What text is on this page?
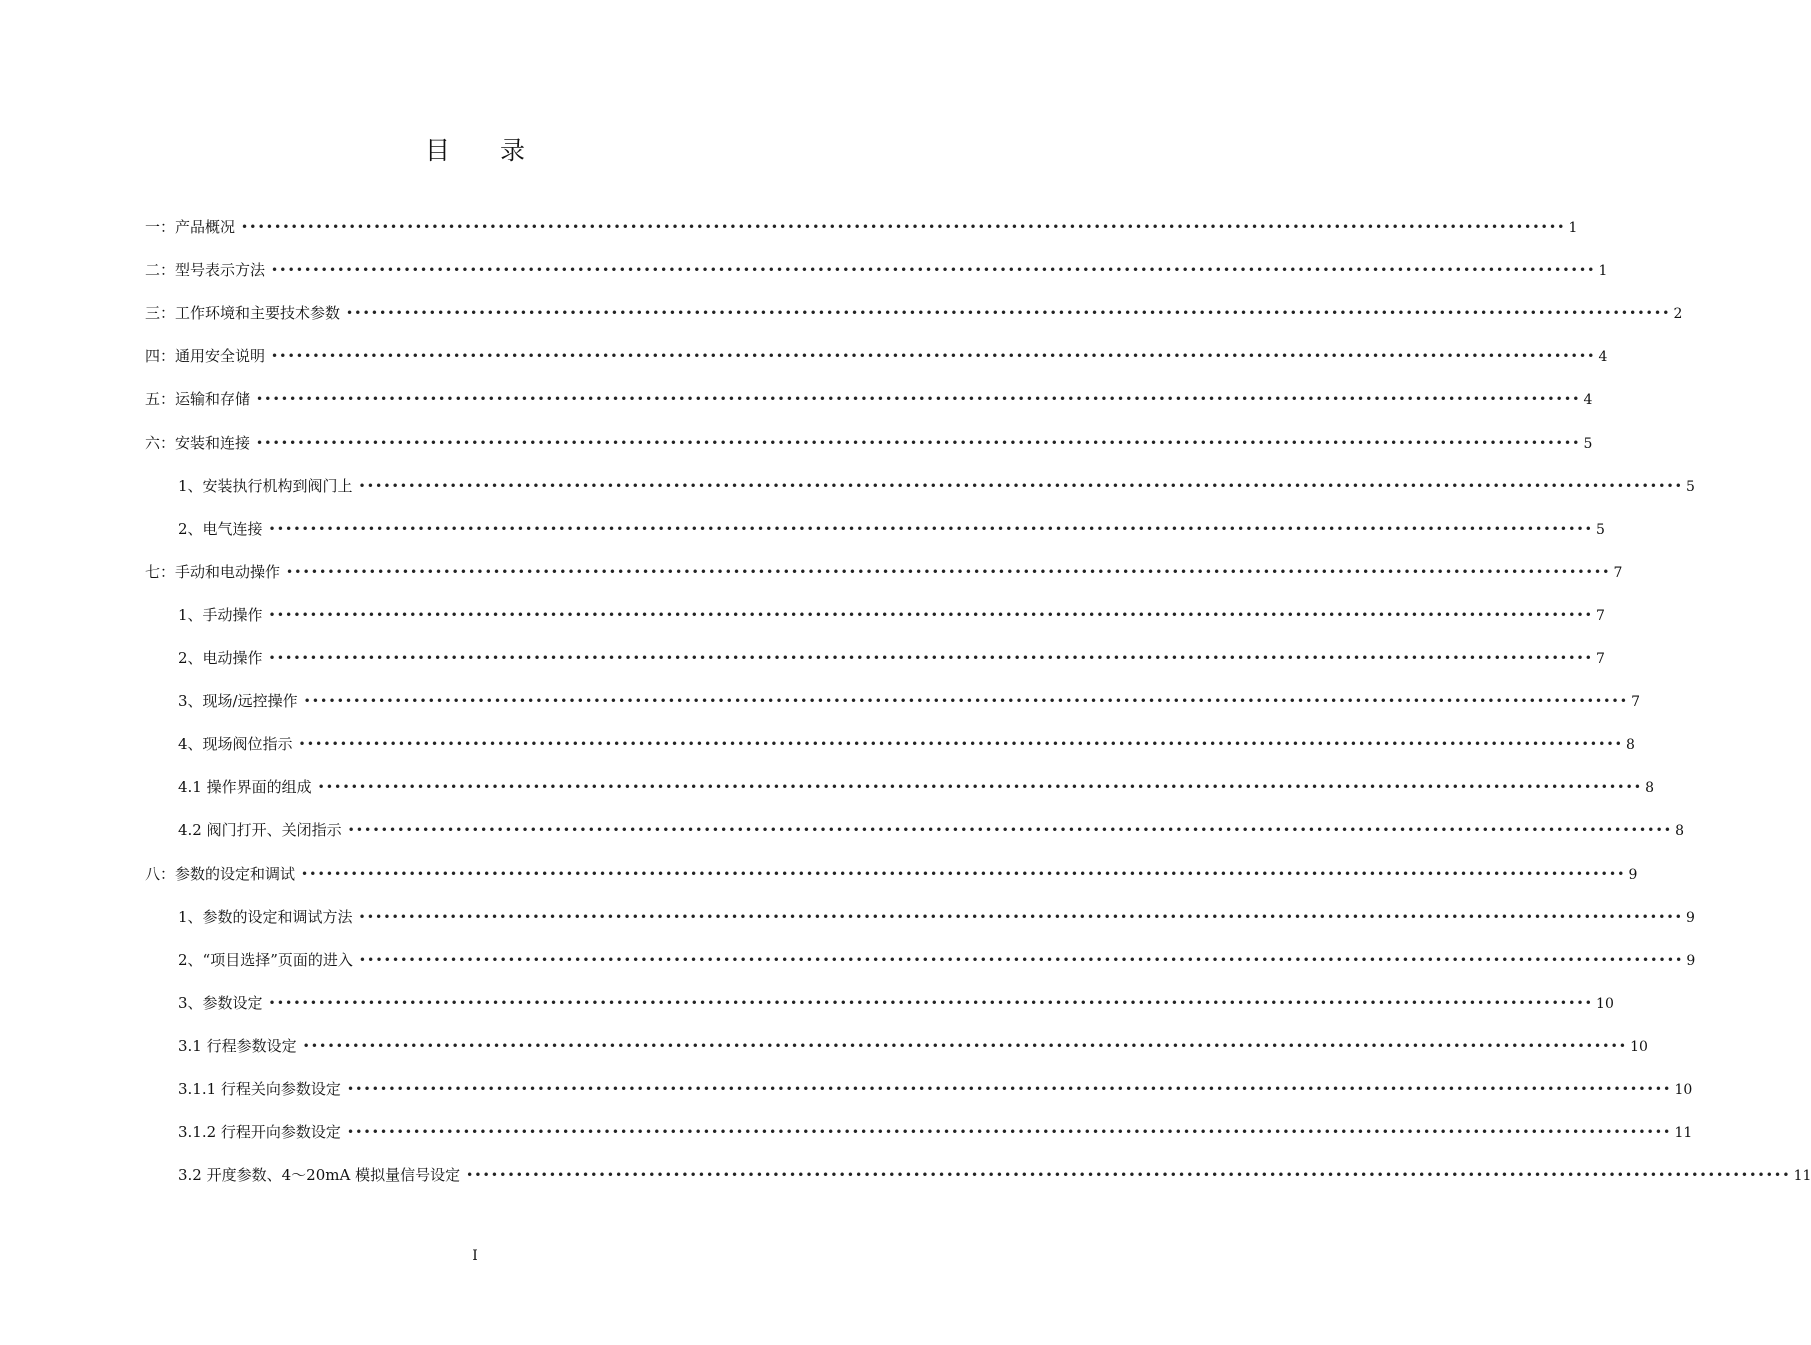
目　　录
一：产品概况 •••••••••••••••••••••••••••••••••••••••••••••••••••••••••••••••••••••••••••••••••••••••••••••••••••••••••••••••••••••••••••••••••••••••••••••••••••••••••••••••• 1
二：型号表示方法 •••••••••••••••••••••••••••••••••••••••••••••••••••••••••••••••••••••••••••••••••••••••••••••••••••••••••••••••••••••••••••••••••••••••••••••••••••••••••••••••• 1
三：工作环境和主要技术参数 •••••••••••••••••••••••••••••••••••••••••••••••••••••••••••••••••••••••••••••••••••••••••••••••••••••••••••••••••••••••••••••••••••••••••••••••••••••••••••••••• 2
四：通用安全说明 •••••••••••••••••••••••••••••••••••••••••••••••••••••••••••••••••••••••••••••••••••••••••••••••••••••••••••••••••••••••••••••••••••••••••••••••••••••••••••••••• 4
五：运输和存储 •••••••••••••••••••••••••••••••••••••••••••••••••••••••••••••••••••••••••••••••••••••••••••••••••••••••••••••••••••••••••••••••••••••••••••••••••••••••••••••••• 4
六：安装和连接 •••••••••••••••••••••••••••••••••••••••••••••••••••••••••••••••••••••••••••••••••••••••••••••••••••••••••••••••••••••••••••••••••••••••••••••••••••••••••••••••• 5
1、安装执行机构到阀门上 •••••••••••••••••••••••••••••••••••••••••••••••••••••••••••••••••••••••••••••••••••••••••••••••••••••••••••••••••••••••••••••••••••••••••••••••••••••••••••••••• 5
2、电气连接 •••••••••••••••••••••••••••••••••••••••••••••••••••••••••••••••••••••••••••••••••••••••••••••••••••••••••••••••••••••••••••••••••••••••••••••••••••••••••••••••• 5
七：手动和电动操作 •••••••••••••••••••••••••••••••••••••••••••••••••••••••••••••••••••••••••••••••••••••••••••••••••••••••••••••••••••••••••••••••••••••••••••••••••••••••••••••••• 7
1、手动操作 •••••••••••••••••••••••••••••••••••••••••••••••••••••••••••••••••••••••••••••••••••••••••••••••••••••••••••••••••••••••••••••••••••••••••••••••••••••••••••••••• 7
2、电动操作 •••••••••••••••••••••••••••••••••••••••••••••••••••••••••••••••••••••••••••••••••••••••••••••••••••••••••••••••••••••••••••••••••••••••••••••••••••••••••••••••• 7
3、现场/远控操作 •••••••••••••••••••••••••••••••••••••••••••••••••••••••••••••••••••••••••••••••••••••••••••••••••••••••••••••••••••••••••••••••••••••••••••••••••••••••••••••••• 7
4、现场阀位指示 •••••••••••••••••••••••••••••••••••••••••••••••••••••••••••••••••••••••••••••••••••••••••••••••••••••••••••••••••••••••••••••••••••••••••••••••••••••••••••••••• 8
4.1 操作界面的组成 •••••••••••••••••••••••••••••••••••••••••••••••••••••••••••••••••••••••••••••••••••••••••••••••••••••••••••••••••••••••••••••••••••••••••••••••••••••••••••••••• 8
4.2 阀门打开、关闭指示 •••••••••••••••••••••••••••••••••••••••••••••••••••••••••••••••••••••••••••••••••••••••••••••••••••••••••••••••••••••••••••••••••••••••••••••••••••••••••••••••• 8
八：参数的设定和调试 •••••••••••••••••••••••••••••••••••••••••••••••••••••••••••••••••••••••••••••••••••••••••••••••••••••••••••••••••••••••••••••••••••••••••••••••••••••••••••••••• 9
1、参数的设定和调试方法 •••••••••••••••••••••••••••••••••••••••••••••••••••••••••••••••••••••••••••••••••••••••••••••••••••••••••••••••••••••••••••••••••••••••••••••••••••••••••••••••• 9
2、“项目选择”页面的进入 •••••••••••••••••••••••••••••••••••••••••••••••••••••••••••••••••••••••••••••••••••••••••••••••••••••••••••••••••••••••••••••••••••••••••••••••••••••••••••••••• 9
3、参数设定 •••••••••••••••••••••••••••••••••••••••••••••••••••••••••••••••••••••••••••••••••••••••••••••••••••••••••••••••••••••••••••••••••••••••••••••••••••••••••••••••• 10
3.1 行程参数设定 •••••••••••••••••••••••••••••••••••••••••••••••••••••••••••••••••••••••••••••••••••••••••••••••••••••••••••••••••••••••••••••••••••••••••••••••••••••••••••••••• 10
3.1.1 行程关向参数设定 •••••••••••••••••••••••••••••••••••••••••••••••••••••••••••••••••••••••••••••••••••••••••••••••••••••••••••••••••••••••••••••••••••••••••••••••••••••••••••••••• 10
3.1.2 行程开向参数设定 •••••••••••••••••••••••••••••••••••••••••••••••••••••••••••••••••••••••••••••••••••••••••••••••••••••••••••••••••••••••••••••••••••••••••••••••••••••••••••••••• 11
3.2 开度参数、4～20mA 模拟量信号设定 •••••••••••••••••••••••••••••••••••••••••••••••••••••••••••••••••••••••••••••••••••••••••••••••••••••••••••••••••••••••••••••••••••••••••••••••••••••••••••••••• 11
I
